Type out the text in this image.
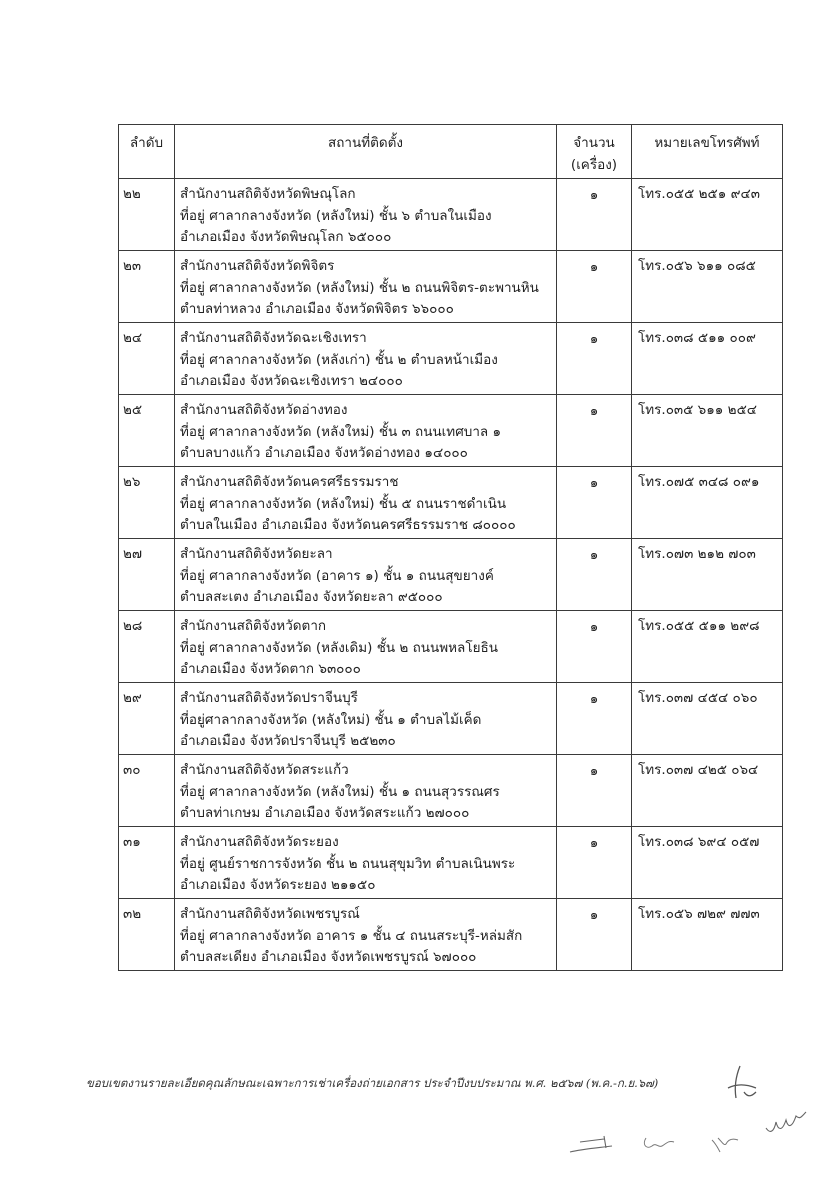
ลำดับ	สถานที่ติดตั้ง	จำนวน (เครื่อง)	หมายเลขโทรศัพท์
๒๒	สำนักงานสถิติจังหวัดพิษณุโลก
ที่อยู่ ศาลากลางจังหวัด (หลังใหม่) ชั้น ๖ ตำบลในเมือง
อำเภอเมือง จังหวัดพิษณุโลก ๖๕๐๐๐	๑	โทร.๐๕๕ ๒๕๑ ๙๔๓
๒๓	สำนักงานสถิติจังหวัดพิจิตร
ที่อยู่ ศาลากลางจังหวัด (หลังใหม่) ชั้น ๒ ถนนพิจิตร-ตะพานหิน
ตำบลท่าหลวง อำเภอเมือง จังหวัดพิจิตร ๖๖๐๐๐	๑	โทร.๐๕๖ ๖๑๑ ๐๘๕
๒๔	สำนักงานสถิติจังหวัดฉะเชิงเทรา
ที่อยู่ ศาลากลางจังหวัด (หลังเก่า) ชั้น ๒ ตำบลหน้าเมือง
อำเภอเมือง จังหวัดฉะเชิงเทรา ๒๔๐๐๐	๑	โทร.๐๓๘ ๕๑๑ ๐๐๙
๒๕	สำนักงานสถิติจังหวัดอ่างทอง
ที่อยู่ ศาลากลางจังหวัด (หลังใหม่) ชั้น ๓ ถนนเทศบาล ๑
ตำบลบางแก้ว อำเภอเมือง จังหวัดอ่างทอง ๑๔๐๐๐	๑	โทร.๐๓๕ ๖๑๑ ๒๕๔
๒๖	สำนักงานสถิติจังหวัดนครศรีธรรมราช
ที่อยู่ ศาลากลางจังหวัด (หลังใหม่) ชั้น ๕ ถนนราชดำเนิน
ตำบลในเมือง อำเภอเมือง จังหวัดนครศรีธรรมราช ๘๐๐๐๐	๑	โทร.๐๗๕ ๓๔๘ ๐๙๑
๒๗	สำนักงานสถิติจังหวัดยะลา
ที่อยู่ ศาลากลางจังหวัด (อาคาร ๑) ชั้น ๑ ถนนสุขยางค์
ตำบลสะเตง อำเภอเมือง จังหวัดยะลา ๙๕๐๐๐	๑	โทร.๐๗๓ ๒๑๒ ๗๐๓
๒๘	สำนักงานสถิติจังหวัดตาก
ที่อยู่ ศาลากลางจังหวัด (หลังเดิม) ชั้น ๒ ถนนพหลโยธิน
อำเภอเมือง จังหวัดตาก ๖๓๐๐๐	๑	โทร.๐๕๕ ๕๑๑ ๒๙๘
๒๙	สำนักงานสถิติจังหวัดปราจีนบุรี
ที่อยู่ศาลากลางจังหวัด (หลังใหม่) ชั้น ๑ ตำบลไม้เค็ด
อำเภอเมือง จังหวัดปราจีนบุรี ๒๕๒๓๐	๑	โทร.๐๓๗ ๔๕๔ ๐๖๐
๓๐	สำนักงานสถิติจังหวัดสระแก้ว
ที่อยู่ ศาลากลางจังหวัด (หลังใหม่) ชั้น ๑ ถนนสุวรรณศร
ตำบลท่าเกษม อำเภอเมือง จังหวัดสระแก้ว ๒๗๐๐๐	๑	โทร.๐๓๗ ๔๒๕ ๐๖๔
๓๑	สำนักงานสถิติจังหวัดระยอง
ที่อยู่ ศูนย์ราชการจังหวัด ชั้น ๒ ถนนสุขุมวิท ตำบลเนินพระ
อำเภอเมือง จังหวัดระยอง ๒๑๑๕๐	๑	โทร.๐๓๘ ๖๙๔ ๐๕๗
๓๒	สำนักงานสถิติจังหวัดเพชรบูรณ์
ที่อยู่ ศาลากลางจังหวัด อาคาร ๑ ชั้น ๔ ถนนสระบุรี-หล่มสัก
ตำบลสะเดียง อำเภอเมือง จังหวัดเพชรบูรณ์ ๖๗๐๐๐	๑	โทร.๐๕๖ ๗๒๙ ๗๗๓
ขอบเขตงานรายละเอียดคุณลักษณะเฉพาะการเช่าเครื่องถ่ายเอกสาร ประจำปีงบประมาณ พ.ศ. ๒๕๖๗ (พ.ค.-ก.ย.๖๗)
